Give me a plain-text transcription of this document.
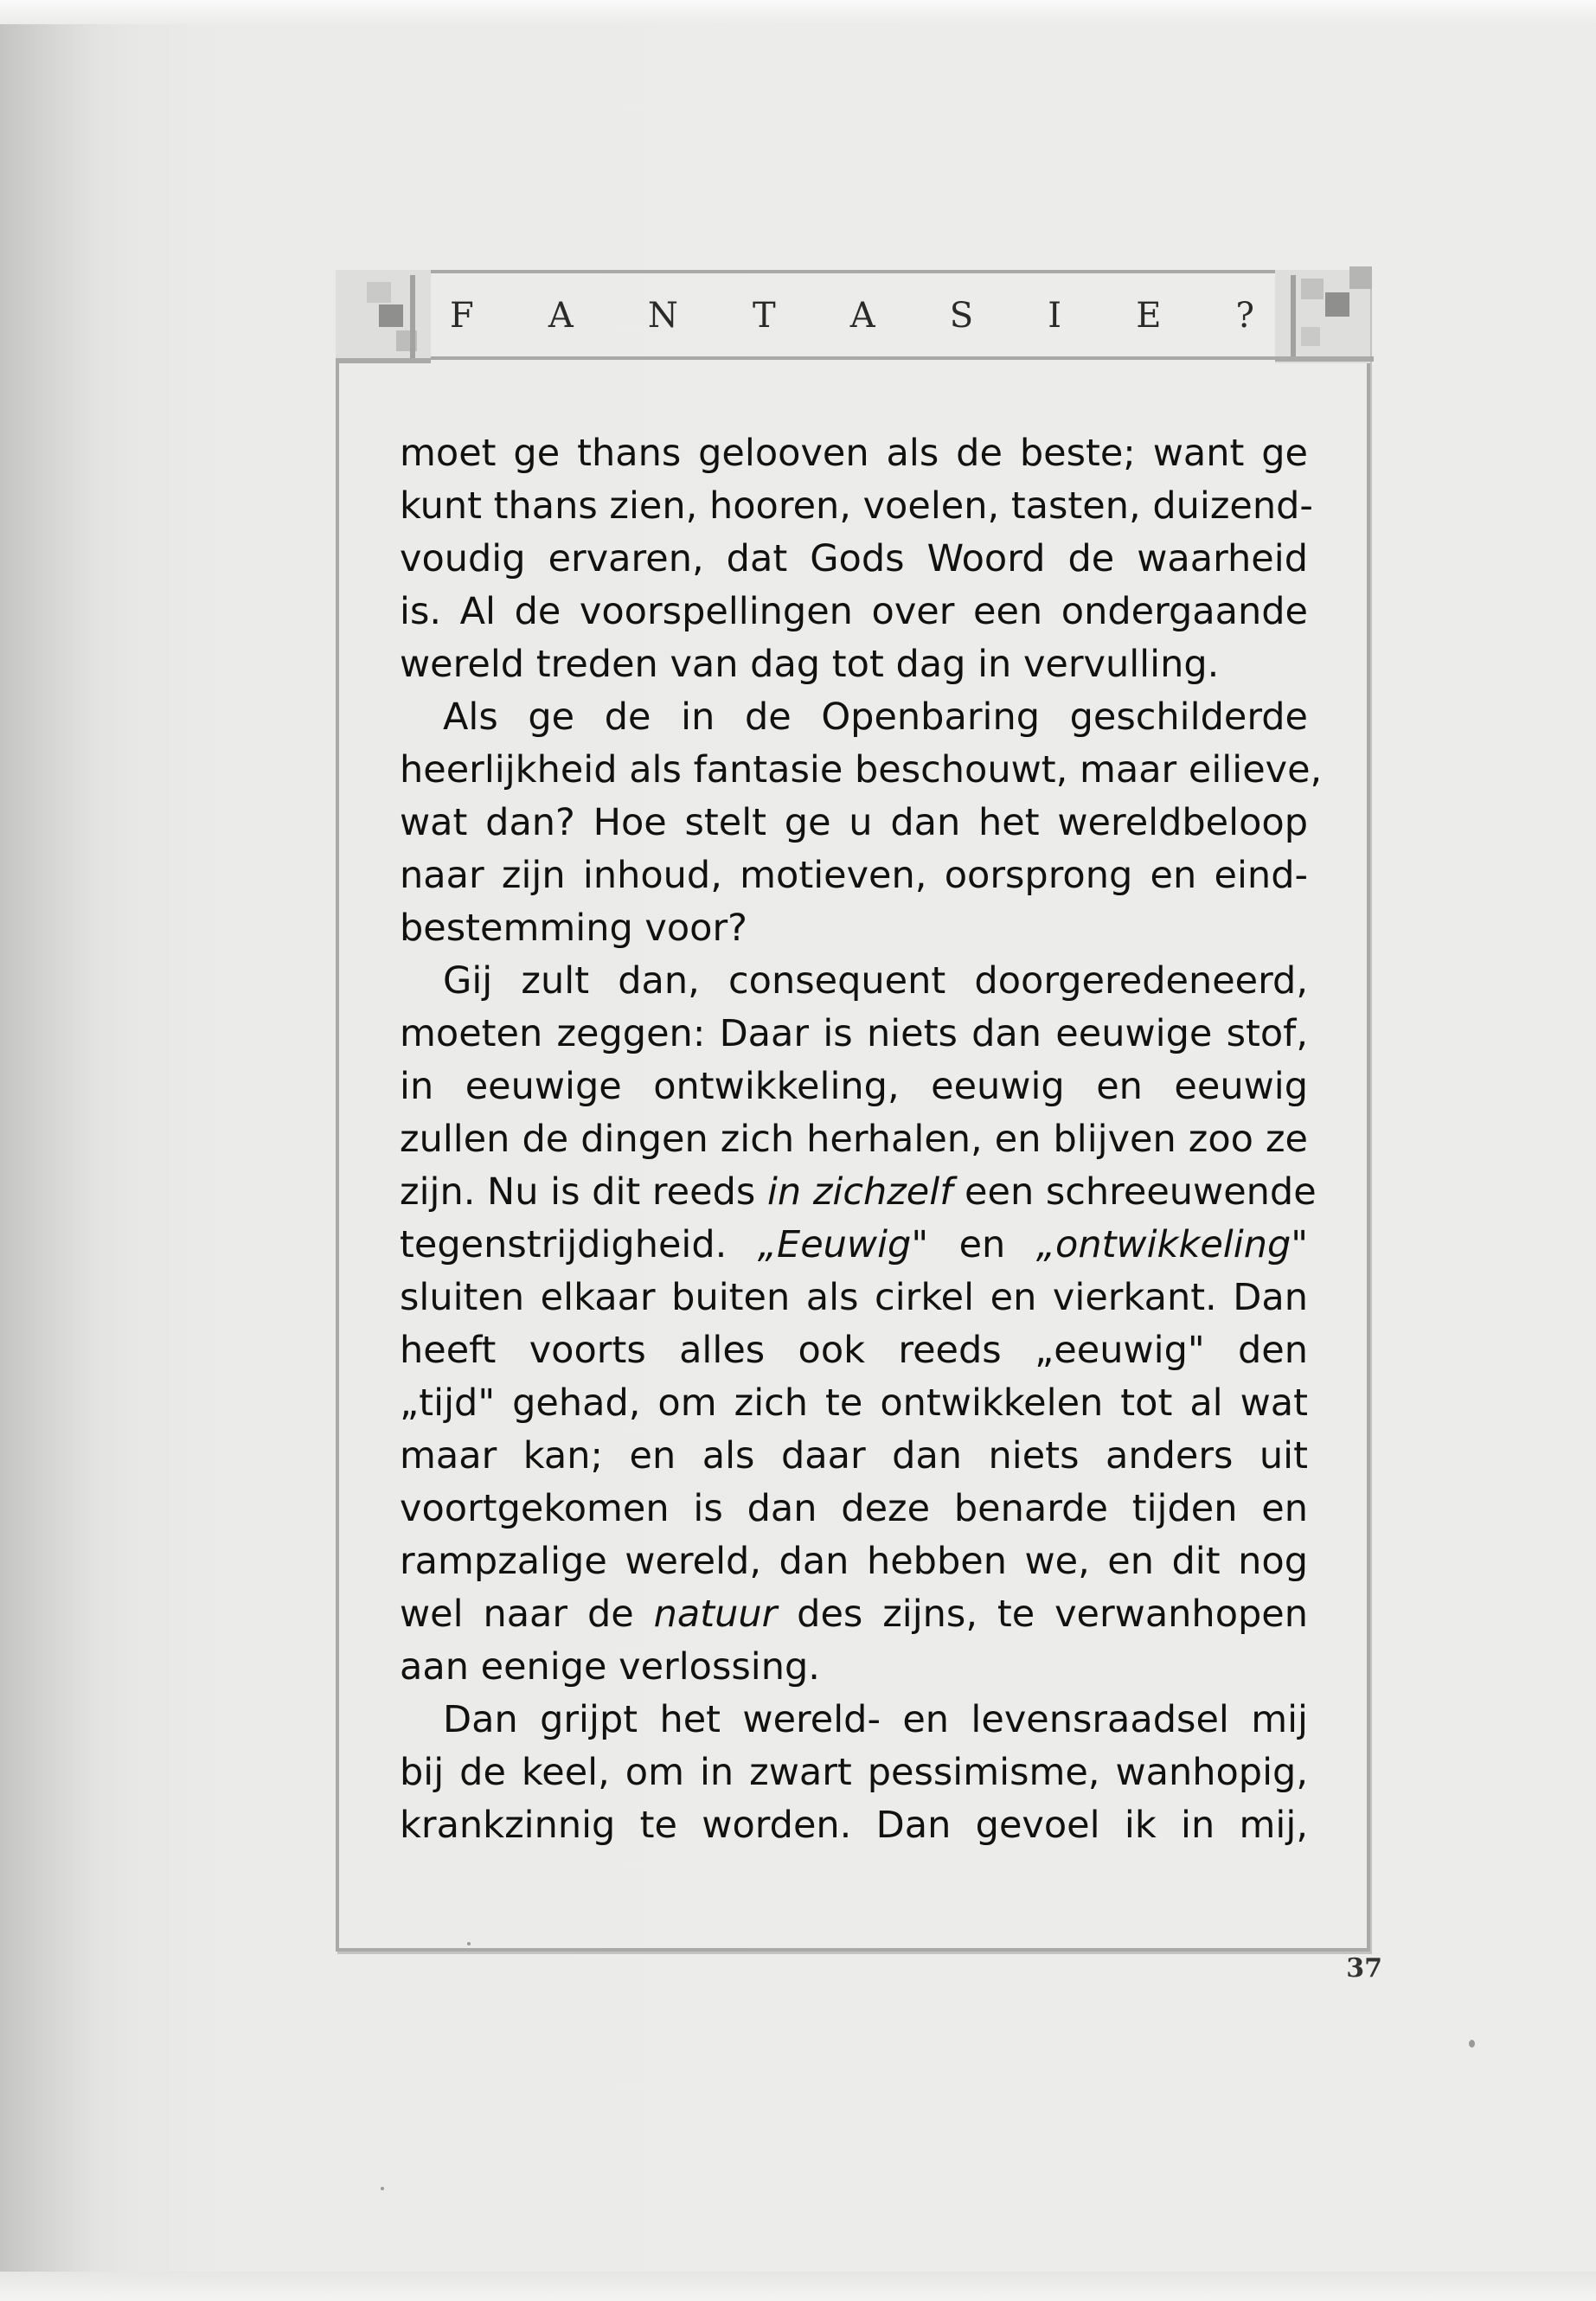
F A N T A S I E ?
moet ge thans gelooven als de beste; want ge
kunt thans zien, hooren, voelen, tasten, duizend-
voudig ervaren, dat Gods Woord de waarheid
is. Al de voorspellingen over een ondergaande
wereld treden van dag tot dag in vervulling.
Als ge de in de Openbaring geschilderde
heerlijkheid als fantasie beschouwt, maar eilieve,
wat dan? Hoe stelt ge u dan het wereldbeloop
naar zijn inhoud, motieven, oorsprong en eind-
bestemming voor?
Gij zult dan, consequent doorgeredeneerd,
moeten zeggen: Daar is niets dan eeuwige stof,
in eeuwige ontwikkeling, eeuwig en eeuwig
zullen de dingen zich herhalen, en blijven zoo ze
zijn. Nu is dit reeds in zichzelf een schreeuwende
tegenstrijdigheid. „Eeuwig" en „ontwikkeling"
sluiten elkaar buiten als cirkel en vierkant. Dan
heeft voorts alles ook reeds „eeuwig" den
„tijd" gehad, om zich te ontwikkelen tot al wat
maar kan; en als daar dan niets anders uit
voortgekomen is dan deze benarde tijden en
rampzalige wereld, dan hebben we, en dit nog
wel naar de natuur des zijns, te verwanhopen
aan eenige verlossing.
Dan grijpt het wereld- en levensraadsel mij
bij de keel, om in zwart pessimisme, wanhopig,
krankzinnig te worden. Dan gevoel ik in mij,
37
